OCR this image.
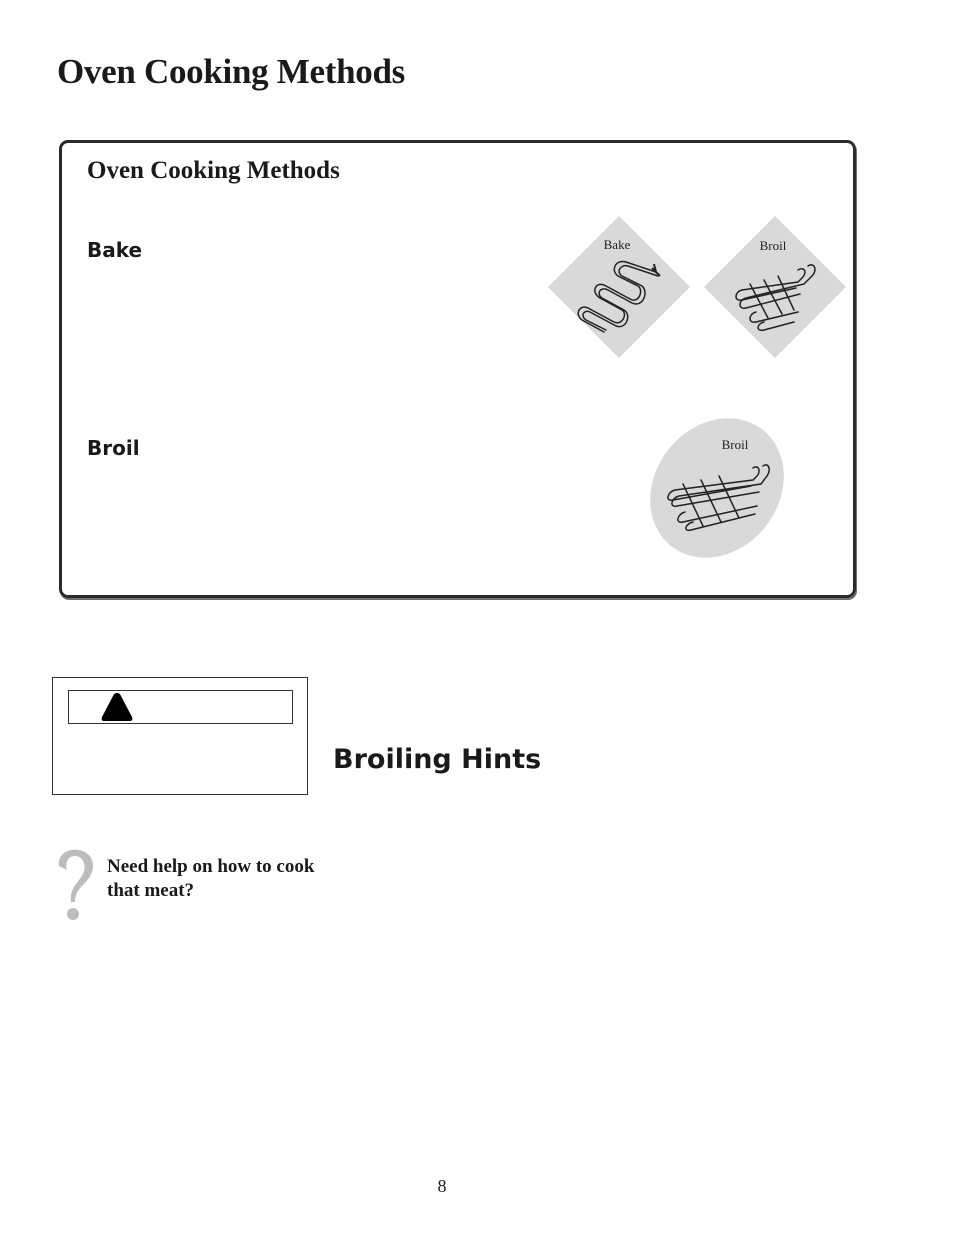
Oven Cooking Methods
Oven Cooking Methods
Bake
Broil
Bake	Broil
Broil
Broiling Hints
Need help on how to cook that meat?
8
